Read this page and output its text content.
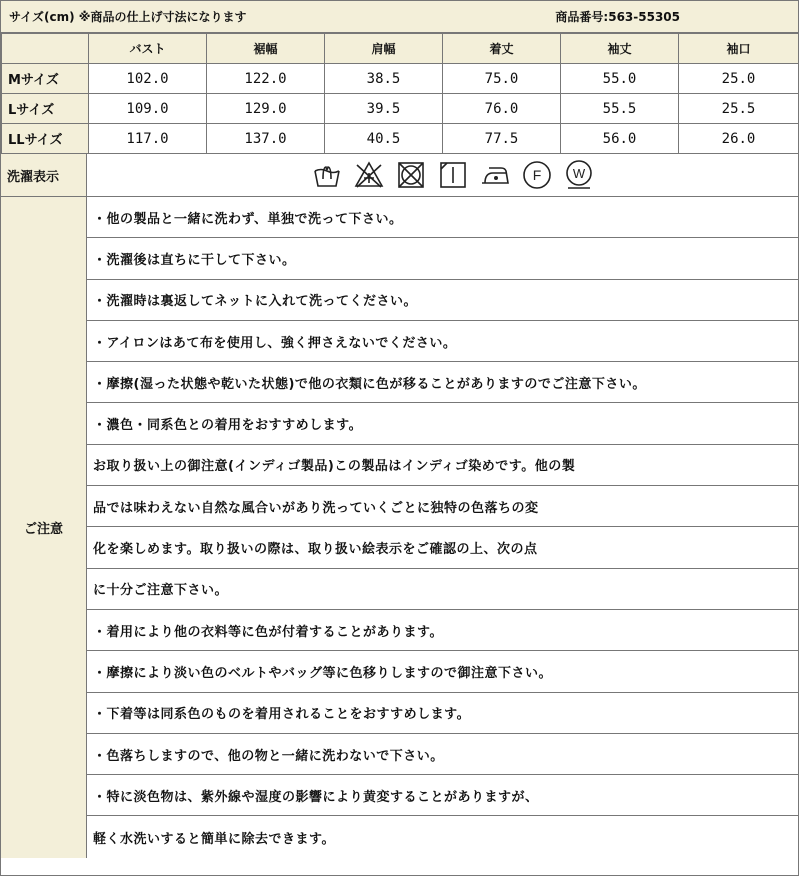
サイズ(cm) ※商品の仕上げ寸法になります	商品番号:563-55305
	バスト	裾幅	肩幅	着丈	袖丈	袖口
Mサイズ	102.0	122.0	38.5	75.0	55.0	25.0
Lサイズ	109.0	129.0	39.5	76.0	55.5	25.5
LLサイズ	117.0	137.0	40.5	77.5	56.0	26.0
洗濯表示	F W
ご注意
・他の製品と一緒に洗わず、単独で洗って下さい。
・洗濯後は直ちに干して下さい。
・洗濯時は裏返してネットに入れて洗ってください。
・アイロンはあて布を使用し、強く押さえないでください。
・摩擦(湿った状態や乾いた状態)で他の衣類に色が移ることがありますのでご注意下さい。
・濃色・同系色との着用をおすすめします。
お取り扱い上の御注意(インディゴ製品)この製品はインディゴ染めです。他の製
品では味わえない自然な風合いがあり洗っていくごとに独特の色落ちの変
化を楽しめます。取り扱いの際は、取り扱い絵表示をご確認の上、次の点
に十分ご注意下さい。
・着用により他の衣料等に色が付着することがあります。
・摩擦により淡い色のベルトやバッグ等に色移りしますので御注意下さい。
・下着等は同系色のものを着用されることをおすすめします。
・色落ちしますので、他の物と一緒に洗わないで下さい。
・特に淡色物は、紫外線や湿度の影響により黄変することがありますが、
軽く水洗いすると簡単に除去できます。
